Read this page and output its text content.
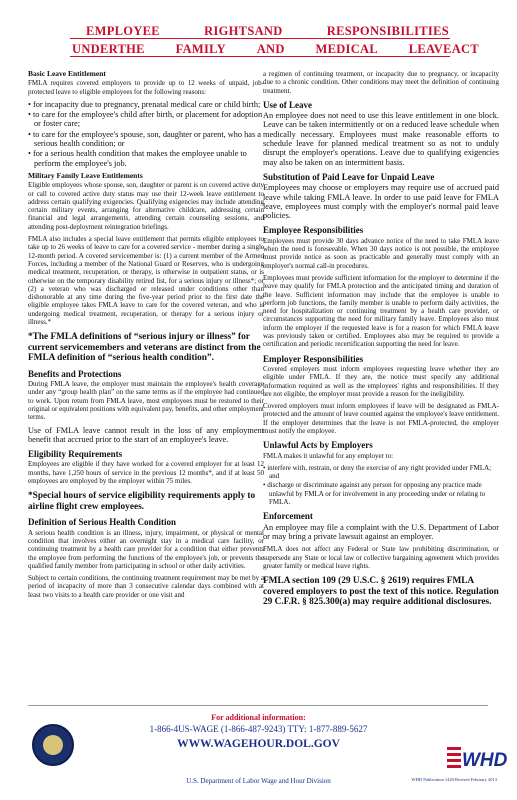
EMPLOYEE	RIGHTSAND	RESPONSIBILITIES
UNDERTHE FAMILY AND MEDICAL LEAVEACT
Basic Leave Entitlement

FMLA requires covered employers to provide up to 12 weeks of unpaid, job-protected leave to eligible employees for the following reasons:

• for incapacity due to pregnancy, prenatal medical care or child birth;
• to care for the employee's child after birth, or placement for adoption or foster care;
• to care for the employee's spouse, son, daughter or parent, who has a serious health condition; or
• for a serious health condition that makes the employee unable to perform the employee's job.
Military Family Leave Entitlements

Eligible employees whose spouse, son, daughter or parent is on covered active duty or call to covered active duty status may use their 12-week leave entitlement to address certain qualifying exigencies. Qualifying exigencies may include attending certain military events, arranging for alternative childcare, addressing certain financial and legal arrangements, attending certain counseling sessions, and attending post-deployment reintegration briefings.

FMLA also includes a special leave entitlement that permits eligible employees to take up to 26 weeks of leave to care for a covered service - member during a single 12-month period. A covered servicemember is: (1) a current member of the Armed Forces, including a member of the National Guard or Reserves, who is undergoing medical treatment, recuperation, or therapy, is otherwise in outpatient status, or is otherwise on the temporary disability retired list, for a serious injury or illness*; or (2) a veteran who was discharged or released under conditions other than dishonorable at any time during the five-year period prior to the first date the eligible employee takes FMLA leave to care for the covered veteran, and who is undergoing medical treatment, recuperation, or therapy for a serious injury or illness.*

*The FMLA definitions of “serious injury or illness” for current servicemembers and veterans are distinct from the FMLA definition of “serious health condition”.
Benefits and Protections

During FMLA leave, the employer must maintain the employee's health coverage under any “group health plan” on the same terms as if the employee had continued to work. Upon return from FMLA leave, most employees must be restored to their original or equivalent positions with equivalent pay, benefits, and other employment terms.

Use of FMLA leave cannot result in the loss of any employment benefit that accrued prior to the start of an employee's leave.

Eligibility Requirements

Employees are eligible if they have worked for a covered employer for at least 12 months, have 1,250 hours of service in the previous 12 months*, and if at least 50 employees are employed by the employer within 75 miles.

*Special hours of service eligibility requirements apply to airline flight crew employees.
Definition of Serious Health Condition

A serious health condition is an illness, injury, impairment, or physical or mental condition that involves either an overnight stay in a medical care facility, or continuing treatment by a health care provider for a condition that either prevents the employee from performing the functions of the employee's job, or prevents the qualified family member from participating in school or other daily activities.

Subject to certain conditions, the continuing treatment requirement may be met by a period of incapacity of more than 3 consecutive calendar days combined with at least two visits to a health care provider or one visit and

a regimen of continuing treatment, or incapacity due to pregnancy, or incapacity due to a chronic condition. Other conditions may meet the definition of continuing treatment.

Use of Leave

An employee does not need to use this leave entitlement in one block. Leave can be taken intermittently or on a reduced leave schedule when medically necessary. Employees must make reasonable efforts to schedule leave for planned medical treatment so as not to unduly disrupt the employer's operations. Leave due to qualifying exigencies may also be taken on an intermittent basis.

Substitution of Paid Leave for Unpaid Leave

Employees may choose or employers may require use of accrued paid leave while taking FMLA leave. In order to use paid leave for FMLA leave, employees must comply with the employer's normal paid leave policies.

Employee Responsibilities

Employees must provide 30 days advance notice of the need to take FMLA leave when the need is foreseeable. When 30 days notice is not possible, the employee must provide notice as soon as practicable and generally must comply with an employer's normal call-in procedures.

Employees must provide sufficient information for the employer to determine if the leave may qualify for FMLA protection and the anticipated timing and duration of the leave. Sufficient information may include that the employee is unable to perform job functions, the family member is unable to perform daily activities, the need for hospitalization or continuing treatment by a health care provider, or circumstances supporting the need for military family leave. Employees also must inform the employer if the requested leave is for a reason for which FMLA leave was previously taken or certified. Employees also may be required to provide a certification and periodic recertification supporting the need for leave.

Employer Responsibilities

Covered employers must inform employees requesting leave whether they are eligible under FMLA. If they are, the notice must specify any additional information required as well as the employees' rights and responsibilities. If they are not eligible, the employer must provide a reason for the ineligibility.

Covered employers must inform employees if leave will be designated as FMLA-protected and the amount of leave counted against the employee's leave entitlement. If the employer determines that the leave is not FMLA-protected, the employer must notify the employee.

Unlawful Acts by Employers

FMLA makes it unlawful for any employer to:

• interfere with, restrain, or deny the exercise of any right provided under FMLA; and
• discharge or discriminate against any person for opposing any practice made unlawful by FMLA or for involvement in any proceeding under or relating to FMLA.
Enforcement

An employee may file a complaint with the U.S. Department of Labor or may bring a private lawsuit against an employer.

FMLA does not affect any Federal or State law prohibiting discrimination, or supersede any State or local law or collective bargaining agreement which provides greater family or medical leave rights.

FMLA section 109 (29 U.S.C. § 2619) requires FMLA covered employers to post the text of this notice. Regulation 29 C.F.R. § 825.300(a) may require additional disclosures.
For additional information:
1-866-4US-WAGE (1-866-487-9243) TTY: 1-877-889-5627
WWW.WAGEHOUR.DOL.GOV
U.S. Department of Labor Wage and Hour Division	WHD Publication 1420 Revised February 2013
WHD
